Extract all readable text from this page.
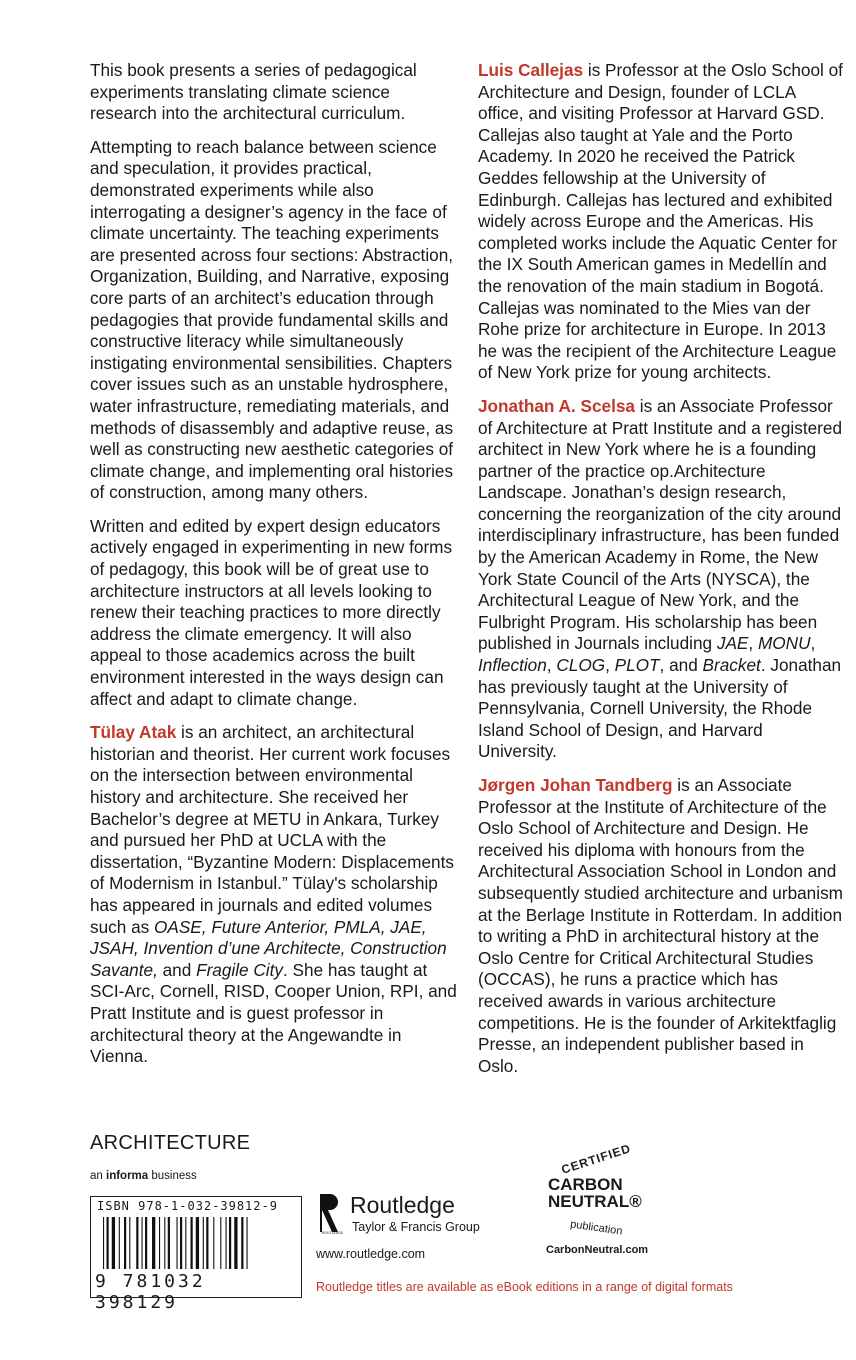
This book presents a series of pedagogical experiments translating climate science research into the architectural curriculum.

Attempting to reach balance between science and speculation, it provides practical, demonstrated experiments while also interrogating a designer’s agency in the face of climate uncertainty. The teaching experiments are presented across four sections: Abstraction, Organization, Building, and Narrative, exposing core parts of an architect’s education through pedagogies that provide fundamental skills and constructive literacy while simultaneously instigating environmental sensibilities. Chapters cover issues such as an unstable hydrosphere, water infrastructure, remediating materials, and methods of disassembly and adaptive reuse, as well as constructing new aesthetic categories of climate change, and implementing oral histories of construction, among many others.

Written and edited by expert design educators actively engaged in experimenting in new forms of pedagogy, this book will be of great use to architecture instructors at all levels looking to renew their teaching practices to more directly address the climate emergency. It will also appeal to those academics across the built environment interested in the ways design can affect and adapt to climate change.

Tülay Atak is an architect, an architectural historian and theorist. Her current work focuses on the intersection between environmental history and architecture. She received her Bachelor’s degree at METU in Ankara, Turkey and pursued her PhD at UCLA with the dissertation, “Byzantine Modern: Displacements of Modernism in Istanbul.” Tülay's scholarship has appeared in journals and edited volumes such as OASE, Future Anterior, PMLA, JAE, JSAH, Invention d’une Architecte, Construction Savante, and Fragile City. She has taught at SCI-Arc, Cornell, RISD, Cooper Union, RPI, and Pratt Institute and is guest professor in architectural theory at the Angewandte in Vienna.

Luis Callejas is Professor at the Oslo School of Architecture and Design, founder of LCLA office, and visiting Professor at Harvard GSD. Callejas also taught at Yale and the Porto Academy. In 2020 he received the Patrick Geddes fellowship at the University of Edinburgh. Callejas has lectured and exhibited widely across Europe and the Americas. His completed works include the Aquatic Center for the IX South American games in Medellín and the renovation of the main stadium in Bogotá. Callejas was nominated to the Mies van der Rohe prize for architecture in Europe. In 2013 he was the recipient of the Architecture League of New York prize for young architects.

Jonathan A. Scelsa is an Associate Professor of Architecture at Pratt Institute and a registered architect in New York where he is a founding partner of the practice op.Architecture Landscape. Jonathan’s design research, concerning the reorganization of the city around interdisciplinary infrastructure, has been funded by the American Academy in Rome, the New York State Council of the Arts (NYSCA), the Architectural League of New York, and the Fulbright Program. His scholarship has been published in Journals including JAE, MONU, Inflection, CLOG, PLOT, and Bracket. Jonathan has previously taught at the University of Pennsylvania, Cornell University, the Rhode Island School of Design, and Harvard University.

Jørgen Johan Tandberg is an Associate Professor at the Institute of Architecture of the Oslo School of Architecture and Design. He received his diploma with honours from the Architectural Association School in London and subsequently studied architecture and urbanism at the Berlage Institute in Rotterdam. In addition to writing a PhD in architectural history at the Oslo Centre for Critical Architectural Studies (OCCAS), he runs a practice which has received awards in various architecture competitions. He is the founder of Arkitektfaglig Presse, an independent publisher based in Oslo.

ARCHITECTURE
an informa business
ISBN 978-1-032-39812-9
9 781032 398129
ROUTLEDGE
Routledge
Taylor & Francis Group
www.routledge.com
CERTIFIED
CARBON
NEUTRAL®
publication
CarbonNeutral.com
Routledge titles are available as eBook editions in a range of digital formats
